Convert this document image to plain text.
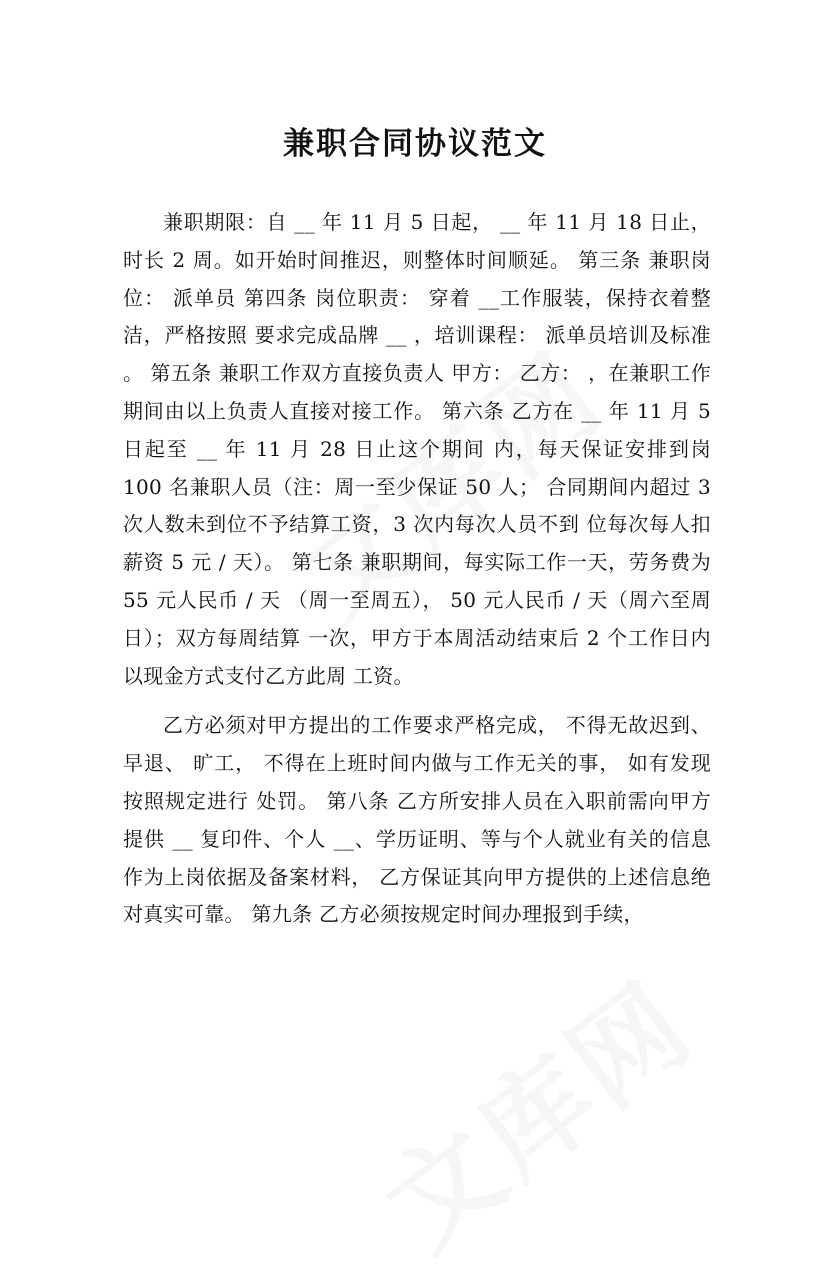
兼职合同协议范文

兼职期限：自 __ 年 11 月 5 日起， __ 年 11 月 18 日止，时长 2 周。如开始时间推迟，则整体时间顺延。 第三条 兼职岗位： 派单员 第四条 岗位职责： 穿着 __工作服装，保持衣着整洁，严格按照 要求完成品牌 __ ，培训课程： 派单员培训及标准 。 第五条 兼职工作双方直接负责人 甲方： 乙方： ，在兼职工作 期间由以上负责人直接对接工作。 第六条 乙方在 __ 年 11 月 5 日起至 __ 年 11 月 28 日止这个期间 内，每天保证安排到岗 100 名兼职人员（注：周一至少保证 50 人； 合同期间内超过 3 次人数未到位不予结算工资，3 次内每次人员不到 位每次每人扣薪资 5 元 / 天）。 第七条 兼职期间，每实际工作一天，劳务费为 55 元人民币 / 天 （周一至周五）， 50 元人民币 / 天（周六至周日）；双方每周结算 一次，甲方于本周活动结束后 2 个工作日内以现金方式支付乙方此周 工资。

乙方必须对甲方提出的工作要求严格完成， 不得无故迟到、早退、 旷工， 不得在上班时间内做与工作无关的事， 如有发现按照规定进行 处罚。 第八条 乙方所安排人员在入职前需向甲方提供 __ 复印件、个人 __、学历证明、等与个人就业有关的信息作为上岗依据及备案材料， 乙方保证其向甲方提供的上述信息绝对真实可靠。 第九条 乙方必须按规定时间办理报到手续，
